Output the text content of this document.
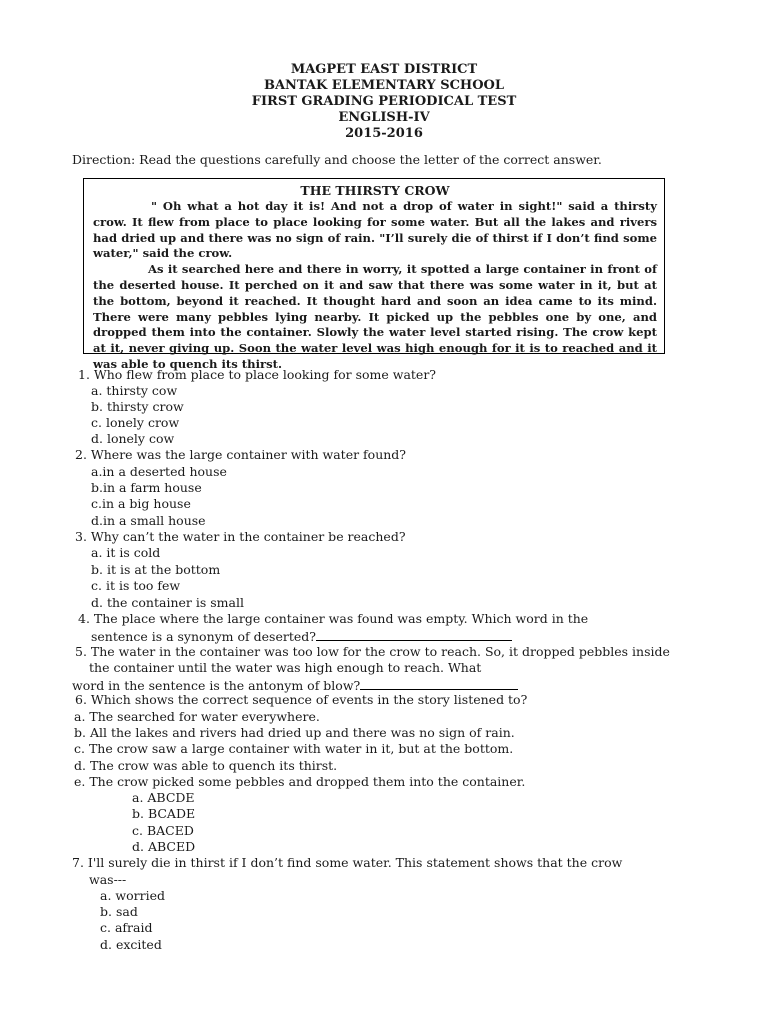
MAGPET EAST DISTRICT
BANTAK ELEMENTARY SCHOOL
FIRST GRADING PERIODICAL TEST
ENGLISH-IV
2015-2016
Direction: Read the questions carefully and choose the letter of the correct answer.
THE THIRSTY CROW

" Oh what a hot day it is! And not a drop of water in sight!" said a thirsty crow. It flew from place to place looking for some water. But all the lakes and rivers had dried up and there was no sign of rain. "I’ll surely die of thirst if I don’t find some water," said the crow.

As it searched here and there in worry, it spotted a large container in front of the deserted house. It perched on it and saw that there was some water in it, but at the bottom, beyond it reached. It thought hard and soon an idea came to its mind. There were many pebbles lying nearby. It picked up the pebbles one by one, and dropped them into the container. Slowly the water level started rising. The crow kept at it, never giving up. Soon the water level was high enough for it is to reached and it was able to quench its thirst.

1. Who flew from place to place looking for some water?
a. thirsty cow
b. thirsty crow
c. lonely crow
d. lonely cow
2. Where was the large container with water found?
a.in a deserted house
b.in a farm house
c.in a big house
d.in a small house
3. Why can’t the water in the container be reached?
a. it is cold
b. it is at the bottom
c. it is too few
d. the container is small
4. The place where the large container was found was empty. Which word in the
sentence is a synonym of deserted?
5. The water in the container was too low for the crow to reach. So, it dropped pebbles inside
the container until the water was high enough to reach. What
word in the sentence is the antonym of blow?
6. Which shows the correct sequence of events in the story listened to?
a. The searched for water everywhere.
b. All the lakes and rivers had dried up and there was no sign of rain.
c. The crow saw a large container with water in it, but at the bottom.
d. The crow was able to quench its thirst.
e. The crow picked some pebbles and dropped them into the container.
a. ABCDE
b. BCADE
c. BACED
d. ABCED
7. I'll surely die in thirst if I don’t find some water. This statement shows that the crow
was---
a. worried
b. sad
c. afraid
d. excited
